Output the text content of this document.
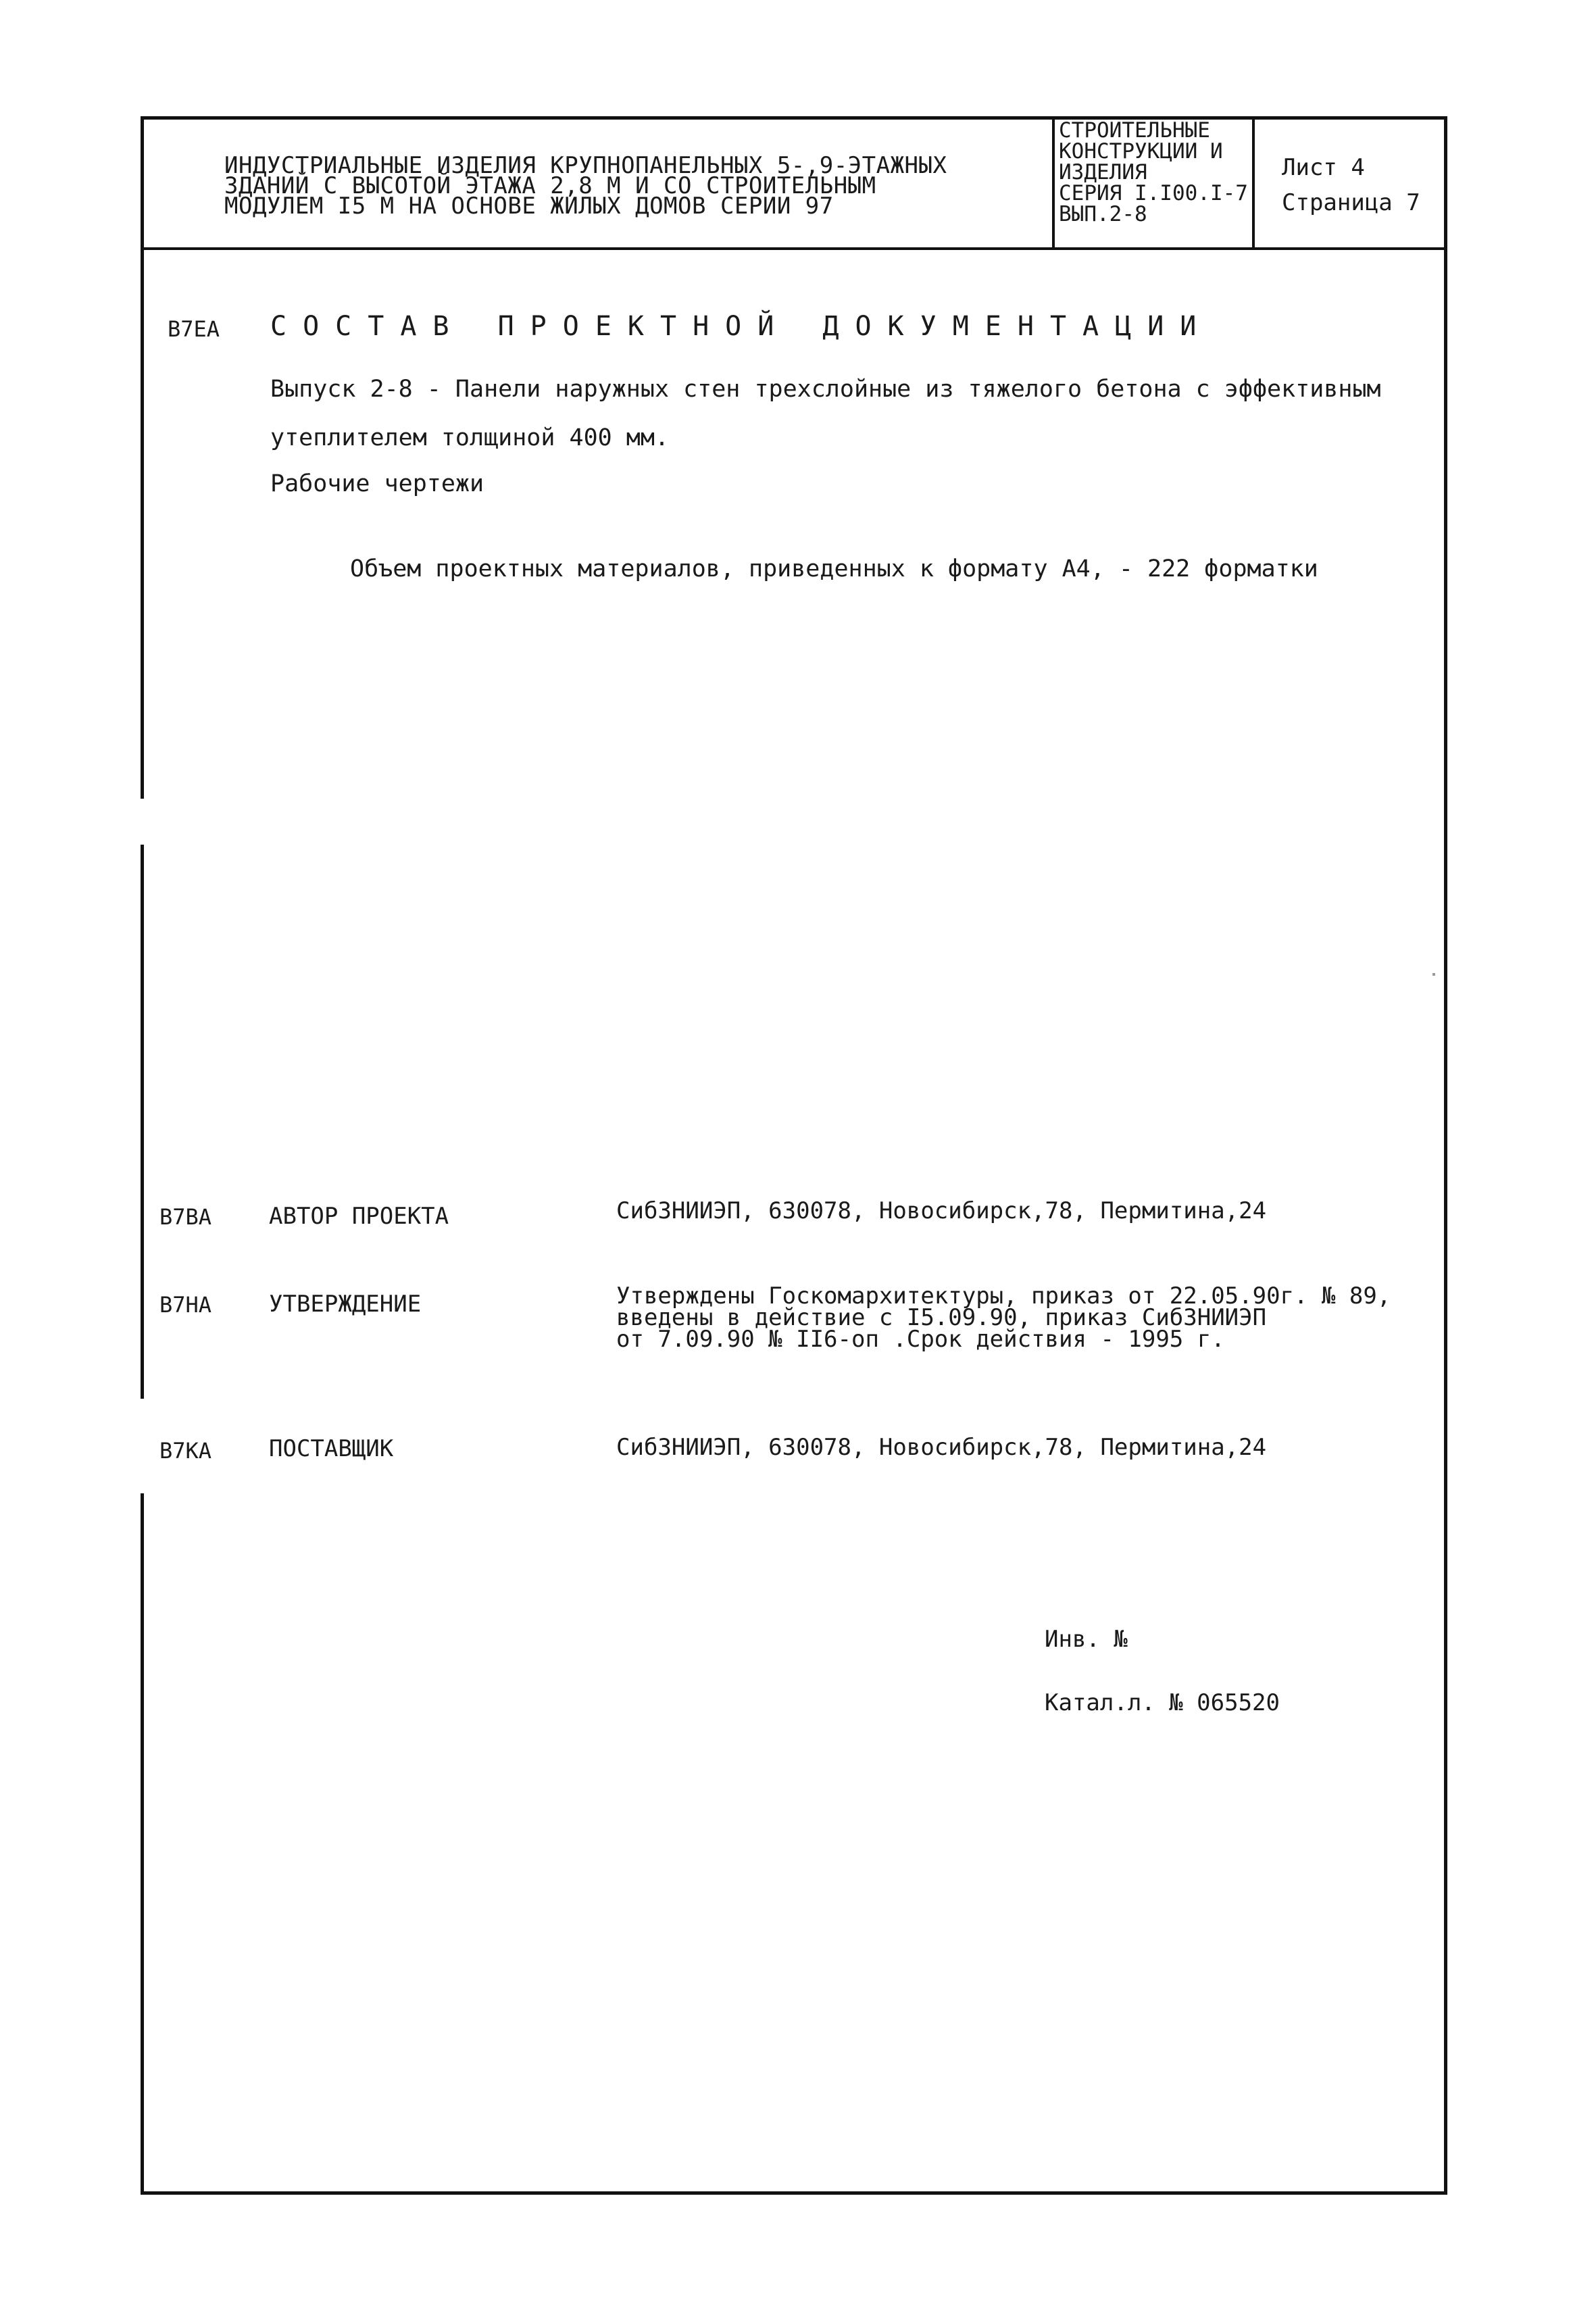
ИНДУСТРИАЛЬНЫЕ ИЗДЕЛИЯ КРУПНОПАНЕЛЬНЫХ 5-,9-ЭТАЖНЫХ
ЗДАНИЙ С ВЫСОТОЙ ЭТАЖА 2,8 М И СО СТРОИТЕЛЬНЫМ
МОДУЛЕМ I5 М НА ОСНОВЕ ЖИЛЫХ ДОМОВ СЕРИИ 97
СТРОИТЕЛЬНЫЕ
КОНСТРУКЦИИ И
ИЗДЕЛИЯ
СЕРИЯ I.I00.I-7
ВЫП.2-8
Лист 4
Страница 7
В7ЕА СОСТАВ ПРОЕКТНОЙ ДОКУМЕНТАЦИИ
Выпуск 2-8 - Панели наружных стен трехслойные из тяжелого бетона с эффективным
утеплителем толщиной 400 мм.
Рабочие чертежи
Объем проектных материалов, приведенных к формату А4, - 222 форматки
В7ВА АВТОР ПРОЕКТА	СибЗНИИЭП, 630078, Новосибирск,78, Пермитина,24
В7НА УТВЕРЖДЕНИЕ	Утверждены Госкомархитектуры, приказ от 22.05.90г. № 89,
введены в действие с I5.09.90, приказ СибЗНИИЭП
от 7.09.90 № II6-оп .Срок действия - 1995 г.
В7КА ПОСТАВЩИК	СибЗНИИЭП, 630078, Новосибирск,78, Пермитина,24
Инв. №
Катал.л. № 065520
